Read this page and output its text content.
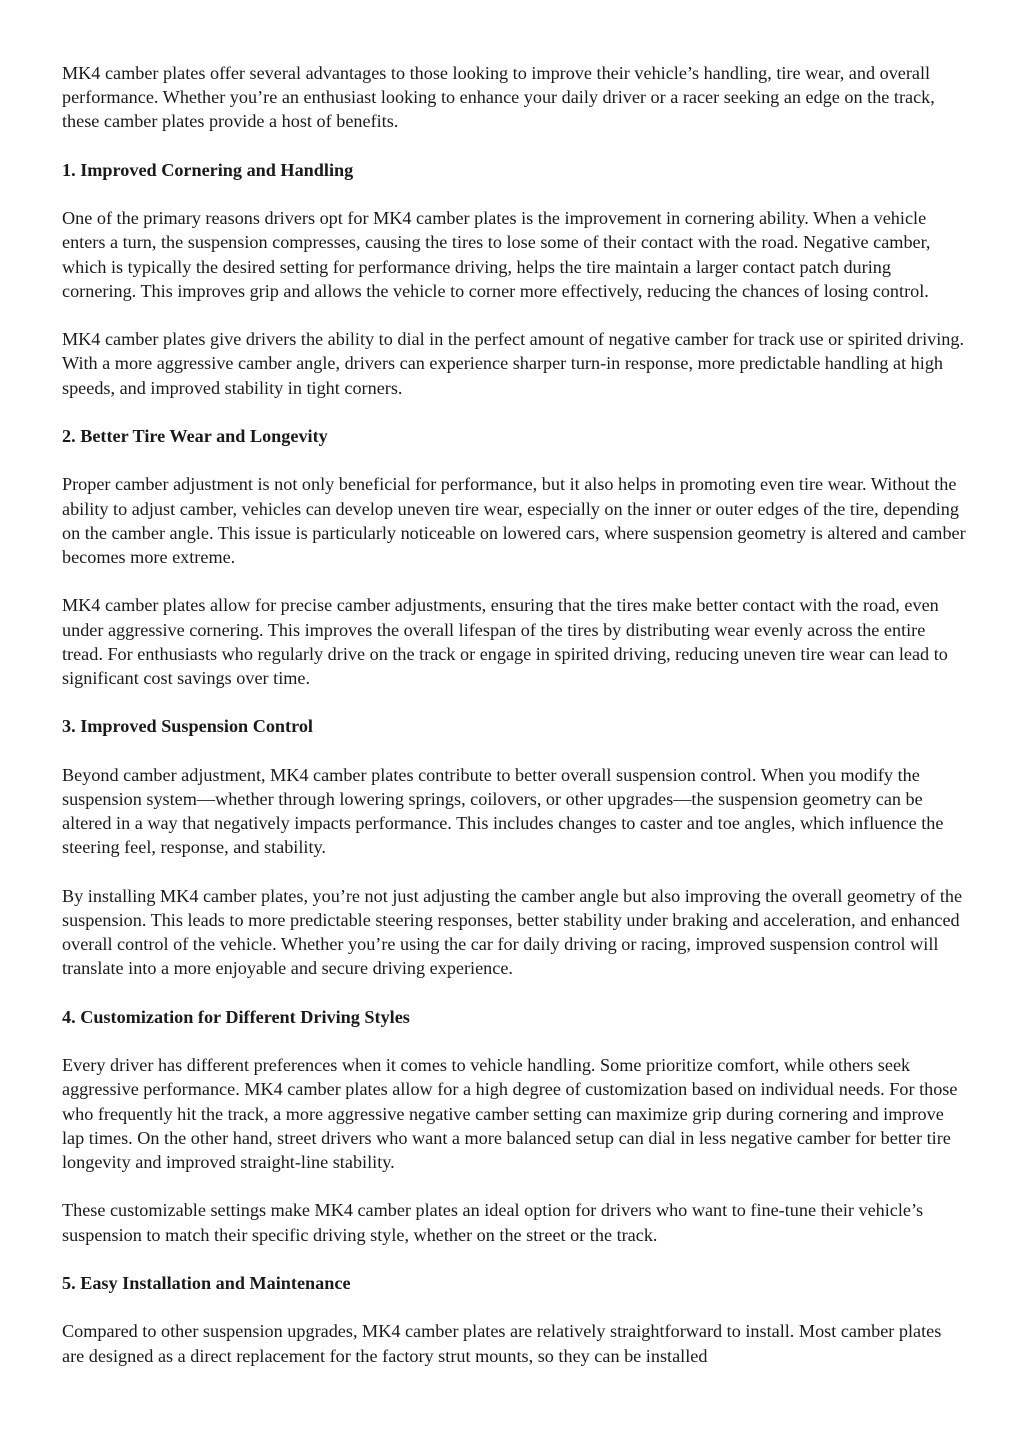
MK4 camber plates offer several advantages to those looking to improve their vehicle’s handling, tire wear, and overall performance. Whether you’re an enthusiast looking to enhance your daily driver or a racer seeking an edge on the track, these camber plates provide a host of benefits.

1. Improved Cornering and Handling

One of the primary reasons drivers opt for MK4 camber plates is the improvement in cornering ability. When a vehicle enters a turn, the suspension compresses, causing the tires to lose some of their contact with the road. Negative camber, which is typically the desired setting for performance driving, helps the tire maintain a larger contact patch during cornering. This improves grip and allows the vehicle to corner more effectively, reducing the chances of losing control.

MK4 camber plates give drivers the ability to dial in the perfect amount of negative camber for track use or spirited driving. With a more aggressive camber angle, drivers can experience sharper turn-in response, more predictable handling at high speeds, and improved stability in tight corners.

2. Better Tire Wear and Longevity

Proper camber adjustment is not only beneficial for performance, but it also helps in promoting even tire wear. Without the ability to adjust camber, vehicles can develop uneven tire wear, especially on the inner or outer edges of the tire, depending on the camber angle. This issue is particularly noticeable on lowered cars, where suspension geometry is altered and camber becomes more extreme.

MK4 camber plates allow for precise camber adjustments, ensuring that the tires make better contact with the road, even under aggressive cornering. This improves the overall lifespan of the tires by distributing wear evenly across the entire tread. For enthusiasts who regularly drive on the track or engage in spirited driving, reducing uneven tire wear can lead to significant cost savings over time.

3. Improved Suspension Control

Beyond camber adjustment, MK4 camber plates contribute to better overall suspension control. When you modify the suspension system—whether through lowering springs, coilovers, or other upgrades—the suspension geometry can be altered in a way that negatively impacts performance. This includes changes to caster and toe angles, which influence the steering feel, response, and stability.

By installing MK4 camber plates, you’re not just adjusting the camber angle but also improving the overall geometry of the suspension. This leads to more predictable steering responses, better stability under braking and acceleration, and enhanced overall control of the vehicle. Whether you’re using the car for daily driving or racing, improved suspension control will translate into a more enjoyable and secure driving experience.

4. Customization for Different Driving Styles

Every driver has different preferences when it comes to vehicle handling. Some prioritize comfort, while others seek aggressive performance. MK4 camber plates allow for a high degree of customization based on individual needs. For those who frequently hit the track, a more aggressive negative camber setting can maximize grip during cornering and improve lap times. On the other hand, street drivers who want a more balanced setup can dial in less negative camber for better tire longevity and improved straight-line stability.

These customizable settings make MK4 camber plates an ideal option for drivers who want to fine-tune their vehicle’s suspension to match their specific driving style, whether on the street or the track.

5. Easy Installation and Maintenance

Compared to other suspension upgrades, MK4 camber plates are relatively straightforward to install. Most camber plates are designed as a direct replacement for the factory strut mounts, so they can be installed
